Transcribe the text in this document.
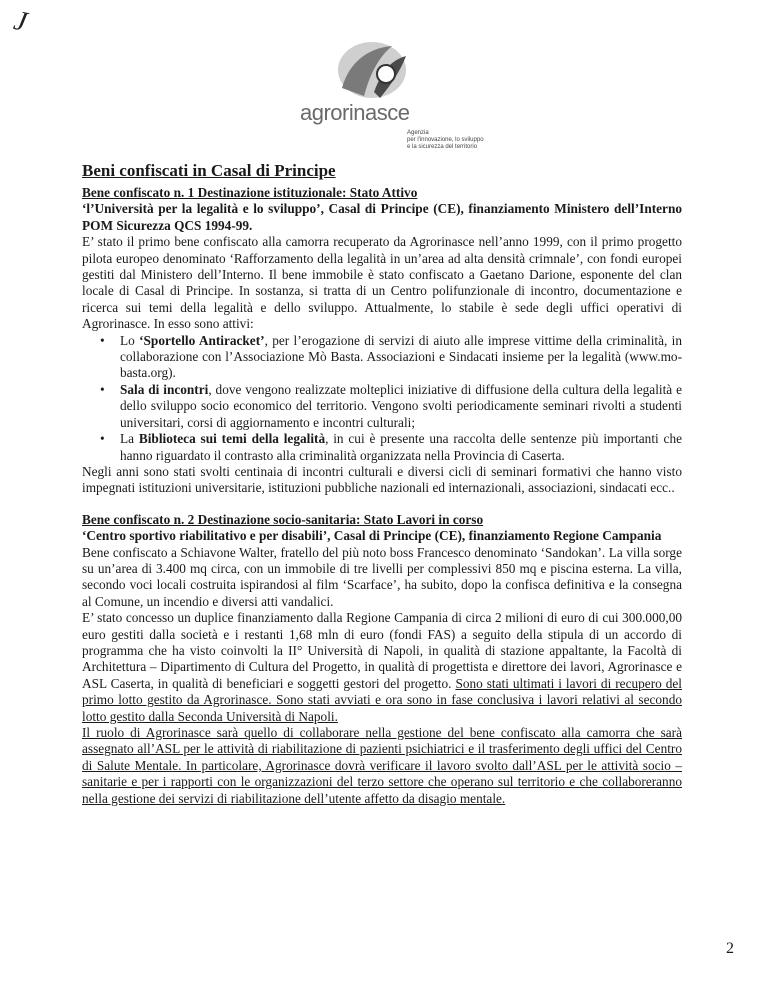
J
agrorinasce
Agenzia
per l'innovazione, lo sviluppo
e la sicurezza del territorio
Beni confiscati in Casal di Principe

Bene confiscato n. 1 Destinazione istituzionale: Stato Attivo

‘l’Università per la legalità e lo sviluppo’, Casal di Principe (CE), finanziamento Ministero dell’Interno POM Sicurezza QCS 1994-99.

E’ stato il primo bene confiscato alla camorra recuperato da Agrorinasce nell’anno 1999, con il primo progetto pilota europeo denominato ‘Rafforzamento della legalità in un’area ad alta densità crimnale’, con fondi europei gestiti dal Ministero dell’Interno. Il bene immobile è stato confiscato a Gaetano Darione, esponente del clan locale di Casal di Principe. In sostanza, si tratta di un Centro polifunzionale di incontro, documentazione e ricerca sui temi della legalità e dello sviluppo. Attualmente, lo stabile è sede degli uffici operativi di Agrorinasce. In esso sono attivi:

• Lo ‘Sportello Antiracket’, per l’erogazione di servizi di aiuto alle imprese vittime della criminalità, in collaborazione con l’Associazione Mò Basta. Associazioni e Sindacati insieme per la legalità (www.mo-basta.org).
• Sala di incontri, dove vengono realizzate molteplici iniziative di diffusione della cultura della legalità e dello sviluppo socio economico del territorio. Vengono svolti periodicamente seminari rivolti a studenti universitari, corsi di aggiornamento e incontri culturali;
• La Biblioteca sui temi della legalità, in cui è presente una raccolta delle sentenze più importanti che hanno riguardato il contrasto alla criminalità organizzata nella Provincia di Caserta.

Negli anni sono stati svolti centinaia di incontri culturali e diversi cicli di seminari formativi che hanno visto impegnati istituzioni universitarie, istituzioni pubbliche nazionali ed internazionali, associazioni, sindacati ecc..

Bene confiscato n. 2 Destinazione socio-sanitaria: Stato Lavori in corso

‘Centro sportivo riabilitativo e per disabili’, Casal di Principe (CE), finanziamento Regione Campania

Bene confiscato a Schiavone Walter, fratello del più noto boss Francesco denominato ‘Sandokan’. La villa sorge su un’area di 3.400 mq circa, con un immobile di tre livelli per complessivi 850 mq e piscina esterna. La villa, secondo voci locali costruita ispirandosi al film ‘Scarface’, ha subito, dopo la confisca definitiva e la consegna al Comune, un incendio e diversi atti vandalici.

E’ stato concesso un duplice finanziamento dalla Regione Campania di circa 2 milioni di euro di cui 300.000,00 euro gestiti dalla società e i restanti 1,68 mln di euro (fondi FAS) a seguito della stipula di un accordo di programma che ha visto coinvolti la II° Università di Napoli, in qualità di stazione appaltante, la Facoltà di Architettura – Dipartimento di Cultura del Progetto, in qualità di progettista e direttore dei lavori, Agrorinasce e ASL Caserta, in qualità di beneficiari e soggetti gestori del progetto. Sono stati ultimati i lavori di recupero del primo lotto gestito da Agrorinasce. Sono stati avviati e ora sono in fase conclusiva i lavori relativi al secondo lotto gestito dalla Seconda Università di Napoli.

Il ruolo di Agrorinasce sarà quello di collaborare nella gestione del bene confiscato alla camorra che sarà assegnato all’ASL per le attività di riabilitazione di pazienti psichiatrici e il trasferimento degli uffici del Centro di Salute Mentale. In particolare, Agrorinasce dovrà verificare il lavoro svolto dall’ASL per le attività socio – sanitarie e per i rapporti con le organizzazioni del terzo settore che operano sul territorio e che collaboreranno nella gestione dei servizi di riabilitazione dell’utente affetto da disagio mentale.

2
